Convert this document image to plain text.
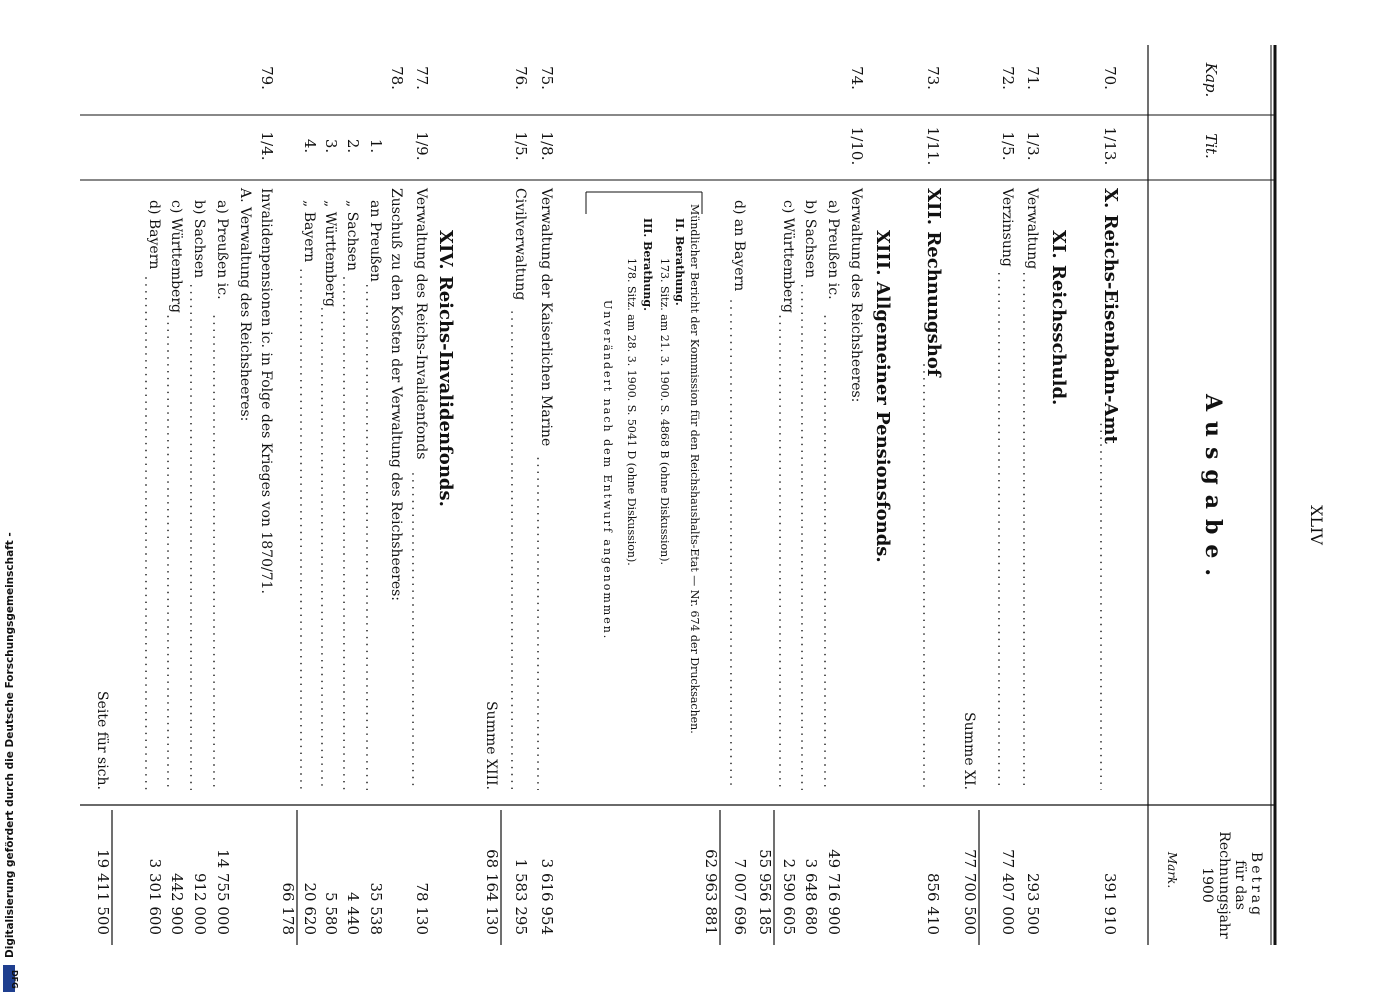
XLIV
Kap.
Tit.
Ausgabe.
Betrag
für das
Rechnungsjahr
1900
Mark.
70.
1/13.
X. Reichs-Eisenbahn-Amt
391 910
XI. Reichsschuld.
71.
1/3.
Verwaltung
293 500
72.
1/5.
Verzinsung
77 407 000
Summe XI.
77 700 500
73.
1/11.
XII. Rechnungshof
856 410
XIII. Allgemeiner Pensionsfonds.
74.
1/10.
Verwaltung des Reichsheeres:
a) Preußen ic.
49 716 900
b) Sachsen
3 648 680
c) Württemberg
2 590 605
55 956 185
d) an Bayern
7 007 696
62 963 881
75.
1/8.
Verwaltung der Kaiserlichen Marine
3 616 954
76.
1/5.
Civilverwaltung
1 583 295
Summe XIII.
68 164 130
XIV. Reichs-Invalidenfonds.
77.
1/9.
Verwaltung des Reichs-Invalidenfonds
78 130
78.
Zuschuß zu den Kosten der Verwaltung des Reichsheeres:
1.
an Preußen
35 538
2.
„ Sachsen
4 440
3.
„ Württemberg
5 580
4.
„ Bayern
20 620
66 178
79.
1/4.
Invalidenpensionen ic. in Folge des Krieges von 1870/71.
A. Verwaltung des Reichsheeres:
a) Preußen ic.
14 755 000
b) Sachsen
912 000
c) Württemberg
442 900
d) Bayern
3 301 600
Seite für sich.
19 411 500
Mündlicher Bericht der Kommission für den Reichshaushalts-Etat — Nr. 674 der Drucksachen.
II. Berathung.
173. Sitz. am 21. 3. 1900. S. 4868 B (ohne Diskussion).
III. Berathung.
178. Sitz. am 28. 3. 1900. S. 5041 D (ohne Diskussion).
Unverändert nach dem Entwurf angenommen.
Digitalisierung gefördert durch die Deutsche Forschungsgemeinschaft -
DFG
